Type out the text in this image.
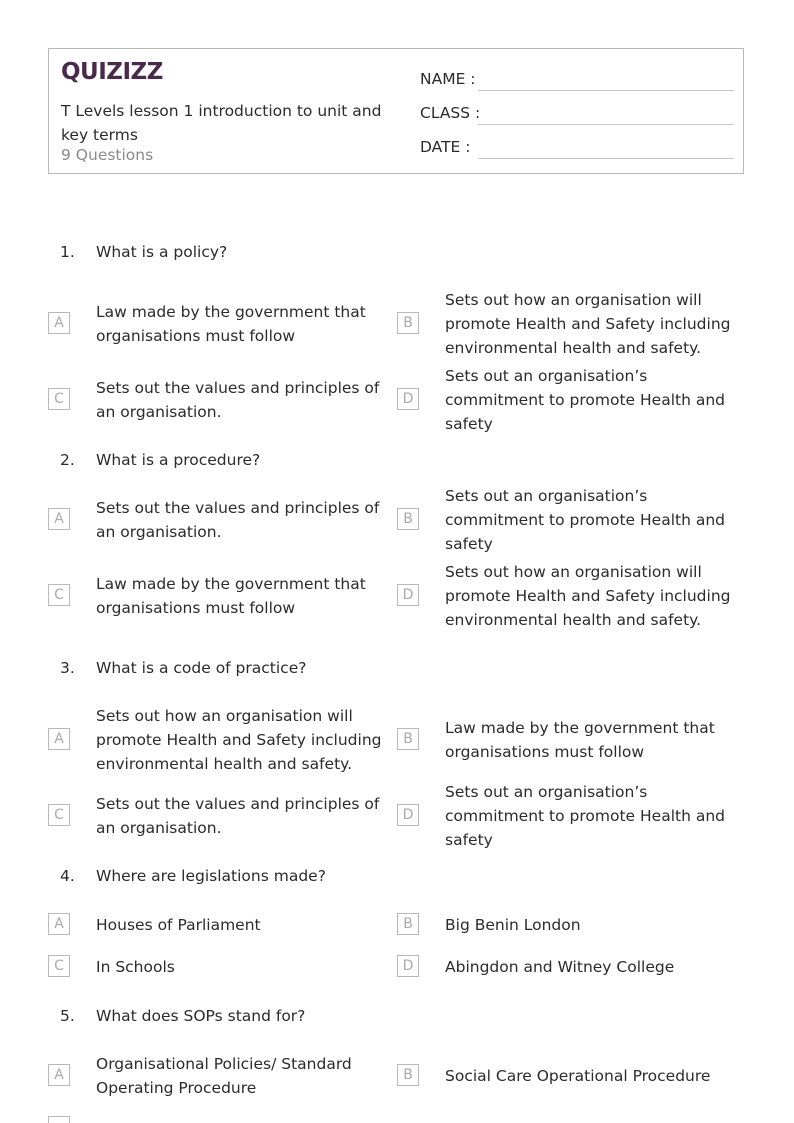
QUIZIZZ
T Levels lesson 1 introduction to unit and key terms
9 Questions
NAME :
CLASS :
DATE :
1. What is a policy?
A
Law made by the government that organisations must follow
B
Sets out how an organisation will promote Health and Safety including environmental health and safety.
C
Sets out the values and principles of an organisation.
D
Sets out an organisation’s commitment to promote Health and safety
2. What is a procedure?
A
Sets out the values and principles of an organisation.
B
Sets out an organisation’s commitment to promote Health and safety
C
Law made by the government that organisations must follow
D
Sets out how an organisation will promote Health and Safety including environmental health and safety.
3. What is a code of practice?
A
Sets out how an organisation will promote Health and Safety including environmental health and safety.
B
Law made by the government that organisations must follow
C
Sets out the values and principles of an organisation.
D
Sets out an organisation’s commitment to promote Health and safety
4. Where are legislations made?
A	Houses of Parliament	B	Big Benin London
C	In Schools	D	Abingdon and Witney College
5. What does SOPs stand for?
A
Organisational Policies/ Standard Operating Procedure
B	Social Care Operational Procedure
